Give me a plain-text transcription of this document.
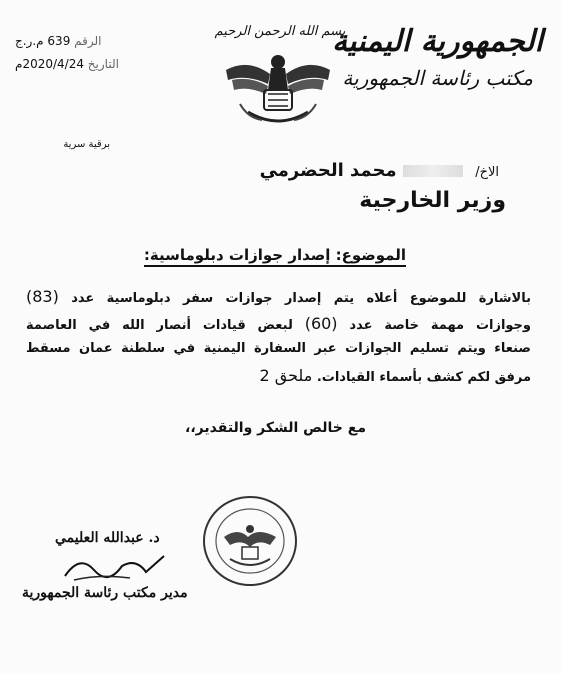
الجمهورية اليمنية
مكتب رئاسة الجمهورية
بسم الله الرحمن الرحيم
الرقم 639 م.ر.ج
التاريخ 2020/4/24م
برقية سرية
الاخ/  محمد الحضرمي
وزير الخارجية
الموضوع: إصدار جوازات دبلوماسية:
بالاشارة للموضوع أعلاه يتم إصدار جوازات سفر دبلوماسية عدد (83)
وجوازات مهمة خاصة عدد (60) لبعض قيادات أنصار الله في العاصمة
صنعاء ويتم تسليم الجوازات عبر السفارة اليمنية في سلطنة عمان مسقط
مرفق لكم كشف بأسماء القيادات. ملحق 2
مع خالص الشكر والتقدير،،
د. عبدالله العليمي
مدير مكتب رئاسة الجمهورية
